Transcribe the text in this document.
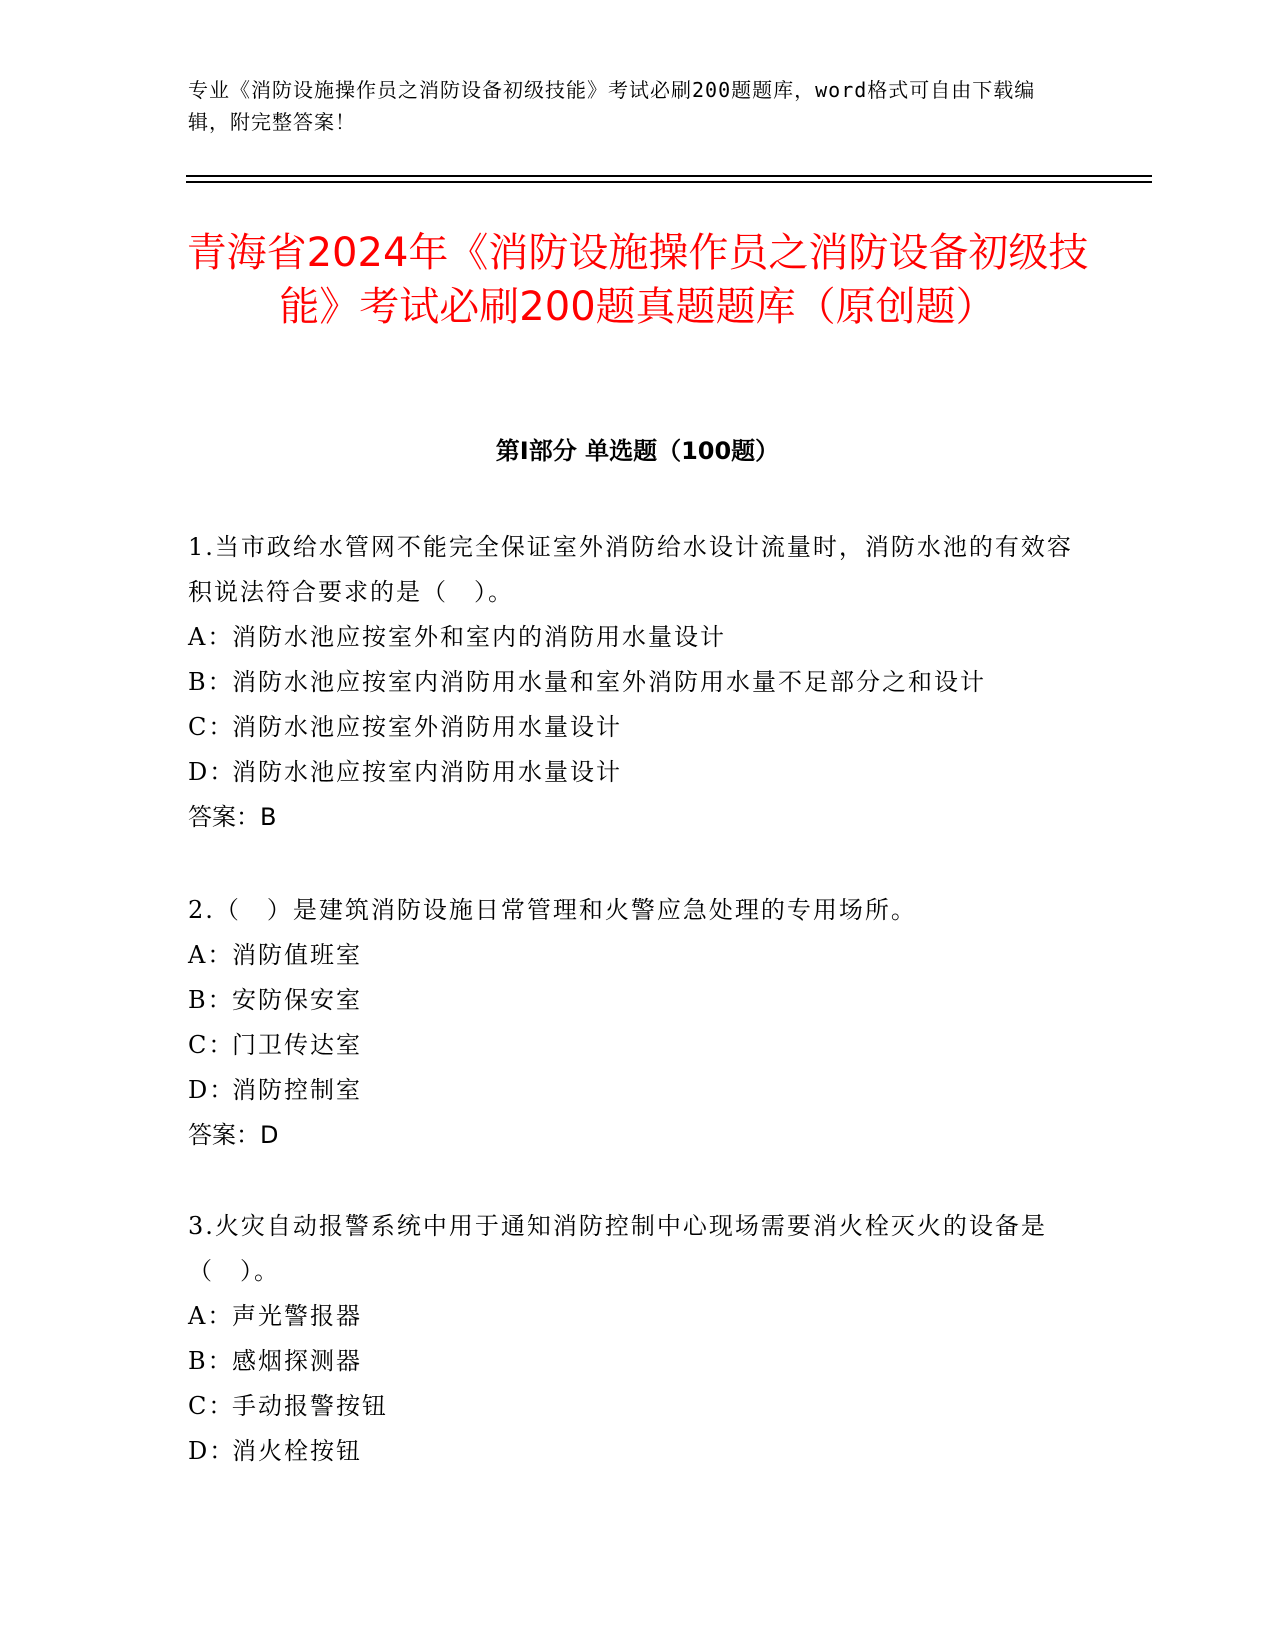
专业《消防设施操作员之消防设备初级技能》考试必刷200题题库，word格式可自由下载编辑，附完整答案！
青海省2024年《消防设施操作员之消防设备初级技能》考试必刷200题真题题库（原创题）
第Ⅰ部分 单选题（100题）

1.当市政给水管网不能完全保证室外消防给水设计流量时，消防水池的有效容积说法符合要求的是（　）。

A：消防水池应按室外和室内的消防用水量设计

B：消防水池应按室内消防用水量和室外消防用水量不足部分之和设计

C：消防水池应按室外消防用水量设计

D：消防水池应按室内消防用水量设计

答案：B

2.（　）是建筑消防设施日常管理和火警应急处理的专用场所。

A：消防值班室

B：安防保安室

C：门卫传达室

D：消防控制室

答案：D

3.火灾自动报警系统中用于通知消防控制中心现场需要消火栓灭火的设备是（　）。

A：声光警报器

B：感烟探测器

C：手动报警按钮

D：消火栓按钮
